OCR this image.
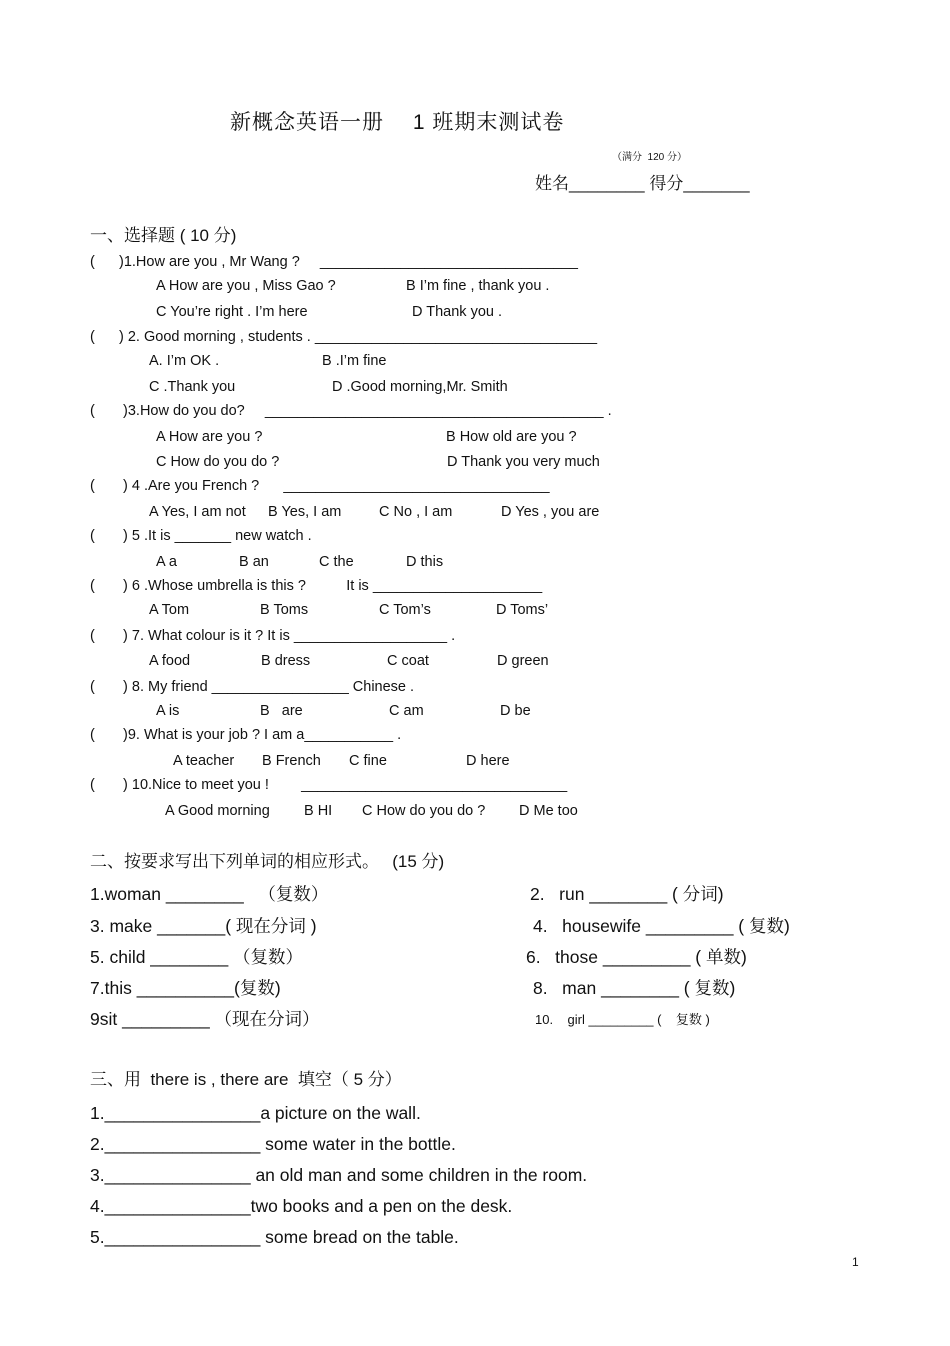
新概念英语一册　 1 班期末测试卷
（满分  120 分）
姓名________ 得分_______
一、选择题 ( 10 分)
(      )1.How are you , Mr Wang ?     ________________________________
A How are you , Miss Gao ?	B I’m fine , thank you .
C You’re right . I’m here	D Thank you .
(      ) 2. Good morning , students . ___________________________________
A. I’m OK .	B .I’m fine
C .Thank you	D .Good morning,Mr. Smith
(       )3.How do you do?     __________________________________________ .
A How are you ?	B How old are you ?
C How do you do ?	D Thank you very much
(       ) 4 .Are you French ?      _________________________________
A Yes, I am not B Yes, I am	C No , I am	D Yes , you are
(       ) 5 .It is _______ new watch .
A a	B an	C the	D this
(       ) 6 .Whose umbrella is this ?          It is _____________________
A Tom	B Toms	C Tom’s	D Toms’
(       ) 7. What colour is it ? It is ___________________ .
A food	B dress	C coat	D green
(       ) 8. My friend _________________ Chinese .
A is	B   are	C am	D be
(       )9. What is your job ? I am a___________ .
A teacher B French C fine	D here
(       ) 10.Nice to meet you !        _________________________________
A Good morning B HI C How do you do ? D Me too
二、按要求写出下列单词的相应形式。　 (15 分)
1.woman ________   （复数）	2.   run ________ ( 分词)
3. make _______( 现在分词 )	4.   housewife _________ ( 复数)
5. child ________ （复数）	6.   those _________ ( 单数)
7.this __________(复数)	8.   man ________ ( 复数)
9sit _________ （现在分词）	10.    girl _________ (    复数 )
三、用  there is , there are  填空（ 5 分）
1.________________a picture on the wall.
2.________________ some water in the bottle.
3._______________ an old man and some children in the room.
4._______________two books and a pen on the desk.
5.________________ some bread on the table.
1
